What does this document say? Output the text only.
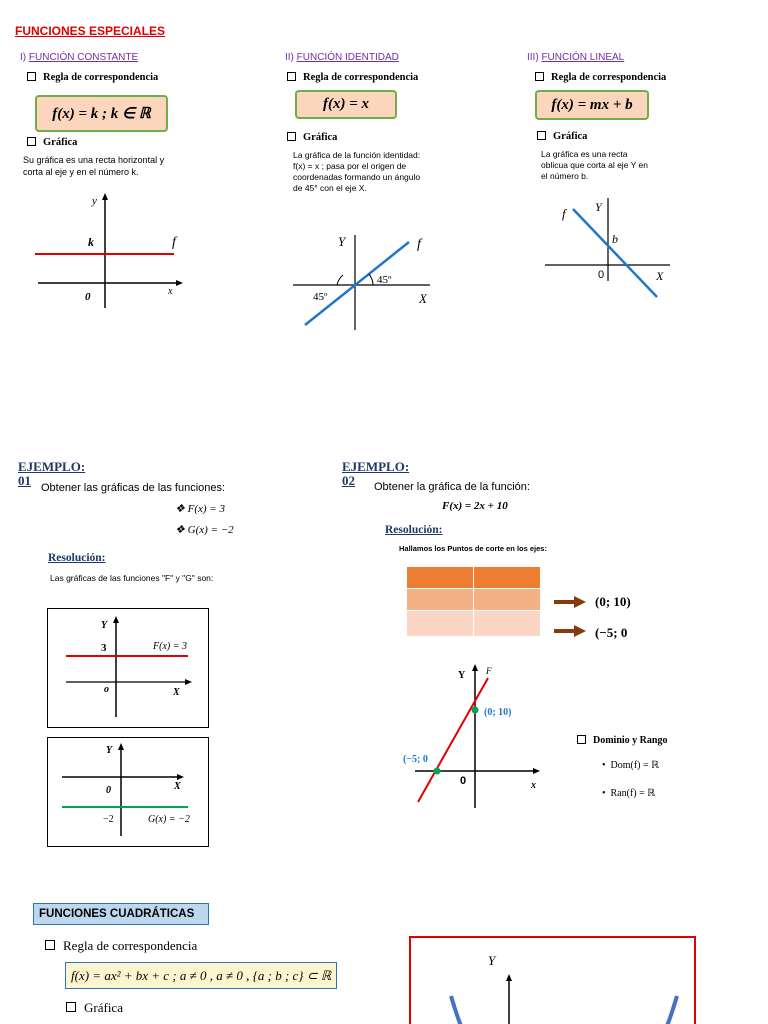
FUNCIONES ESPECIALES
I) FUNCIÓN CONSTANTE
Regla de correspondencia
f(x) = k ; k ∈ ℝ
Gráfica
Su gráfica es una recta horizontal y corta al eje y en el número k.
y
x
0
k	f
II) FUNCIÓN IDENTIDAD
Regla de correspondencia
f(x) = x
Gráfica
La gráfica de la función identidad: f(x) = x ; pasa por el origen de coordenadas formando un ángulo de 45° con el eje X.
Y
X
45º
45º
f
III) FUNCIÓN LINEAL
Regla de correspondencia
f(x) = mx + b
Gráfica
La gráfica es una recta oblicua que corta al eje Y en el número b.
Y
X
0
b
f
EJEMPLO:
01 Obtener las gráficas de las funciones:
❖ F(x) = 3
❖ G(x) = −2
Resolución:
Las gráficas de las funciones "F" y "G" son:
Y
X
o
3	F(x) = 3
Y
X
0
−2	G(x) = −2
EJEMPLO:
02	Obtener la gráfica de la función:
F(x) = 2x + 10
Resolución:
Hallamos los Puntos de corte en los ejes:

(0; 10)
(−5; 0
Y
x
0
F
(0; 10)
(−5; 0
Dominio y Rango
•  Dom(f) = ℝ
•  Ran(f) = ℝ
FUNCIONES CUADRÁTICAS
Regla de correspondencia
f(x) = ax² + bx + c ; a ≠ 0 , a ≠ 0 , {a ; b ; c} ⊂ ℝ
Gráfica
Y
